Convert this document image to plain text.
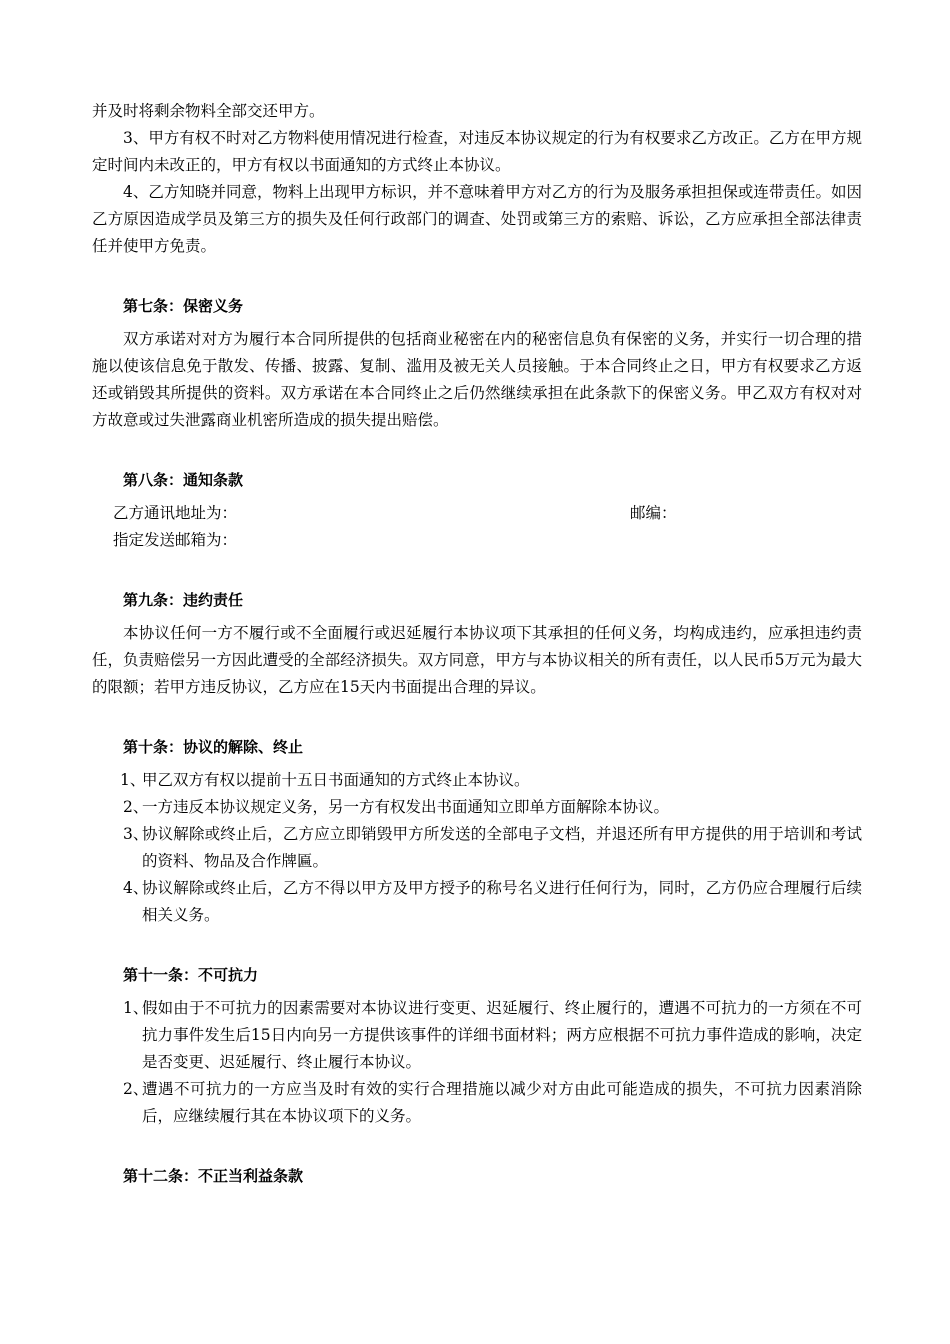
并及时将剩余物料全部交还甲方。

3、甲方有权不时对乙方物料使用情况进行检查，对违反本协议规定的行为有权要求乙方改正。乙方在甲方规定时间内未改正的，甲方有权以书面通知的方式终止本协议。

4、乙方知晓并同意，物料上出现甲方标识，并不意味着甲方对乙方的行为及服务承担担保或连带责任。如因乙方原因造成学员及第三方的损失及任何行政部门的调查、处罚或第三方的索赔、诉讼，乙方应承担全部法律责任并使甲方免责。

第七条：保密义务

双方承诺对对方为履行本合同所提供的包括商业秘密在内的秘密信息负有保密的义务，并实行一切合理的措施以使该信息免于散发、传播、披露、复制、滥用及被无关人员接触。于本合同终止之日，甲方有权要求乙方返还或销毁其所提供的资料。双方承诺在本合同终止之后仍然继续承担在此条款下的保密义务。甲乙双方有权对对方故意或过失泄露商业机密所造成的损失提出赔偿。

第八条：通知条款

乙方通讯地址为：	邮编：
指定发送邮箱为：

第九条：违约责任

本协议任何一方不履行或不全面履行或迟延履行本协议项下其承担的任何义务，均构成违约，应承担违约责任，负责赔偿另一方因此遭受的全部经济损失。双方同意，甲方与本协议相关的所有责任，以人民币5万元为最大的限额；若甲方违反协议，乙方应在15天内书面提出合理的异议。

第十条：协议的解除、终止

1、
甲乙双方有权以提前十五日书面通知的方式终止本协议。
2、
一方违反本协议规定义务，另一方有权发出书面通知立即单方面解除本协议。
3、
协议解除或终止后，乙方应立即销毁甲方所发送的全部电子文档，并退还所有甲方提供的用于培训和考试的资料、物品及合作牌匾。
4、
协议解除或终止后，乙方不得以甲方及甲方授予的称号名义进行任何行为，同时，乙方仍应合理履行后续相关义务。

第十一条：不可抗力

1、
假如由于不可抗力的因素需要对本协议进行变更、迟延履行、终止履行的，遭遇不可抗力的一方须在不可抗力事件发生后15日内向另一方提供该事件的详细书面材料；两方应根据不可抗力事件造成的影响，决定是否变更、迟延履行、终止履行本协议。
2、
遭遇不可抗力的一方应当及时有效的实行合理措施以减少对方由此可能造成的损失，不可抗力因素消除后，应继续履行其在本协议项下的义务。

第十二条：不正当利益条款
